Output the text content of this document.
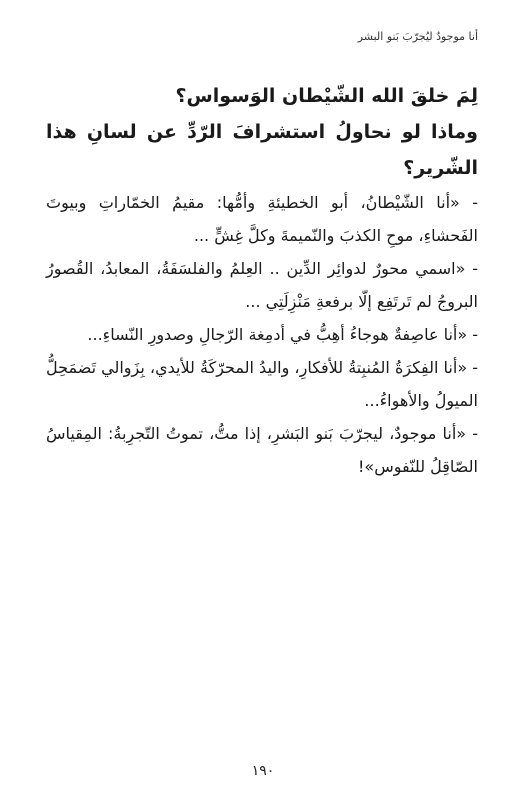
أنا موجودٌ ليُجرّبَ بَنو البشر

لِمَ خلقَ الله الشّيْطان الوَسواس؟

وماذا لو نحاولُ استشرافَ الرّدِّ عن لسانِ هذا الشّرير؟

- «أنا الشّيْطانُ، أبو الخطيئةِ وأمُّها: مقيمُ الخمّاراتِ وبيوتَ الفَحشاءِ، موحِ الكذبَ والنّميمةَ وكلَّ غِشٍّ ...

- «اسمي محورٌ لدوائِر الدِّين .. العِلمُ والفلسَفَةُ، المعابدُ، القُصورُ البروجُ لم تَرتَفِع إلّا برفعةِ مَنْزِلَتِي ...

- «أنا عاصِفةٌ هوجاءُ أهِبُّ في أدمِغة الرّجالِ وصدورِ النّساءِ...

- «أنا الفِكرَةُ المُنبِتةُ للأفكارِ، واليدُ المحرّكَةُ للأيدي، بِزَوالي تَضمَحِلُّ الميولُ والأهواءُ...

- «أنا موجودٌ، ليجرّبَ بَنو البَشرِ، إذا متُّ، تموتُ التّجرِبةُ: المِقياسُ الصّاقِلُ للنّفوس»!

١٩٠
